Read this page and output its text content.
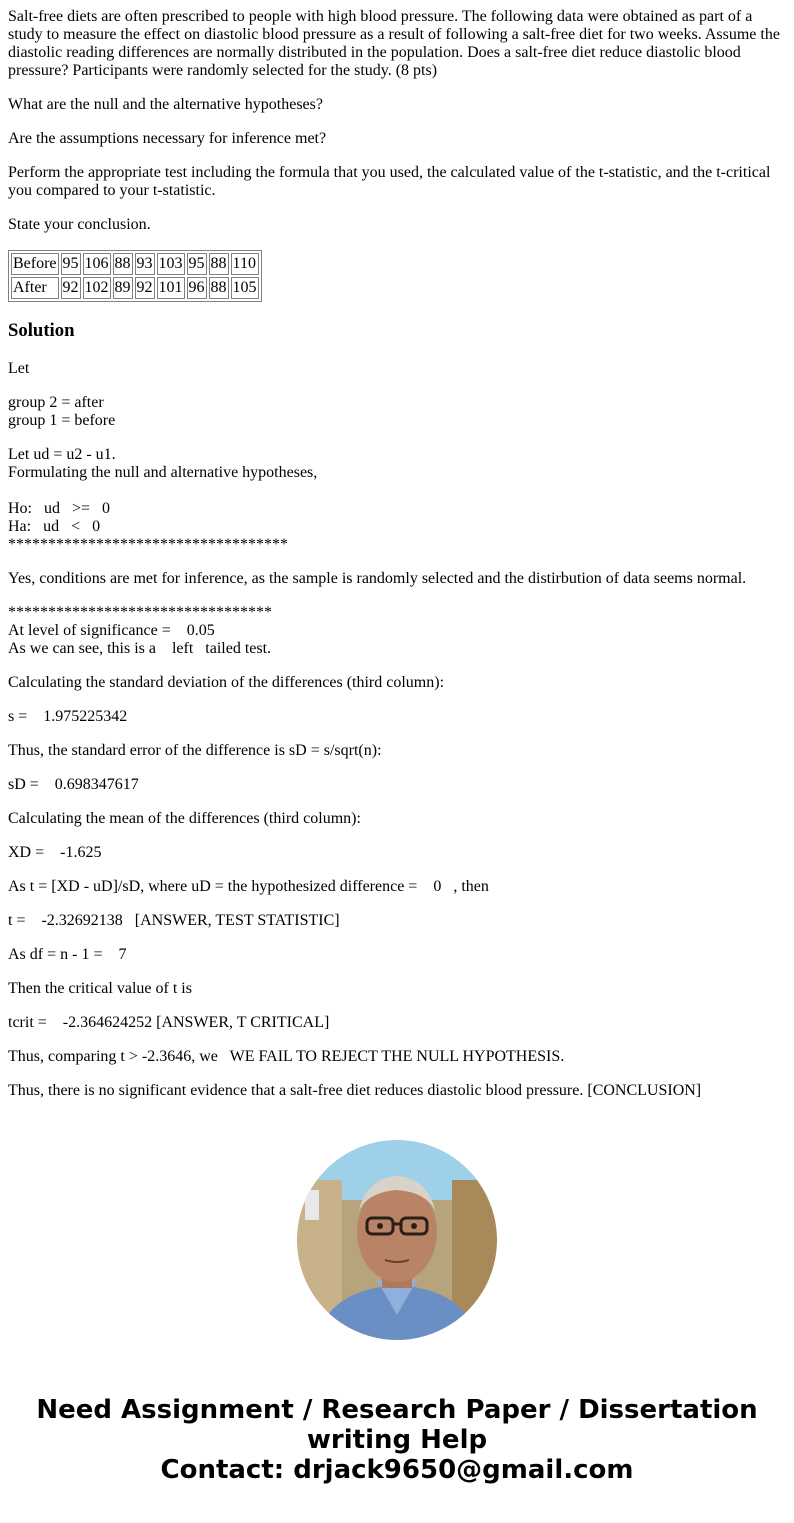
Salt-free diets are often prescribed to people with high blood pressure. The following data were obtained as part of a study to measure the effect on diastolic blood pressure as a result of following a salt-free diet for two weeks. Assume the diastolic reading differences are normally distributed in the population. Does a salt-free diet reduce diastolic blood pressure? Participants were randomly selected for the study. (8 pts)

What are the null and the alternative hypotheses?

Are the assumptions necessary for inference met?

Perform the appropriate test including the formula that you used, the calculated value of the t-statistic, and the t-critical you compared to your t-statistic.

State your conclusion.

Before	95	106	88	93	103	95	88	110
After	92	102	89	92	101	96	88	105
Solution

Let

group 2 = after
group 1 = before

Let ud = u2 - u1.
Formulating the null and alternative hypotheses,

Ho:   ud   >=   0
Ha:   ud   <   0
***********************************

Yes, conditions are met for inference, as the sample is randomly selected and the distirbution of data seems normal.

*********************************
At level of significance =    0.05
As we can see, this is a    left   tailed test.

Calculating the standard deviation of the differences (third column):

s =    1.975225342

Thus, the standard error of the difference is sD = s/sqrt(n):

sD =    0.698347617

Calculating the mean of the differences (third column):

XD =    -1.625

As t = [XD - uD]/sD, where uD = the hypothesized difference =    0   , then

t =    -2.32692138   [ANSWER, TEST STATISTIC]

As df = n - 1 =    7

Then the critical value of t is

tcrit =    -2.364624252 [ANSWER, T CRITICAL]

Thus, comparing t > -2.3646, we   WE FAIL TO REJECT THE NULL HYPOTHESIS.

Thus, there is no significant evidence that a salt-free diet reduces diastolic blood pressure. [CONCLUSION]

Need Assignment / Research Paper / Dissertation
writing Help
Contact: drjack9650@gmail.com
